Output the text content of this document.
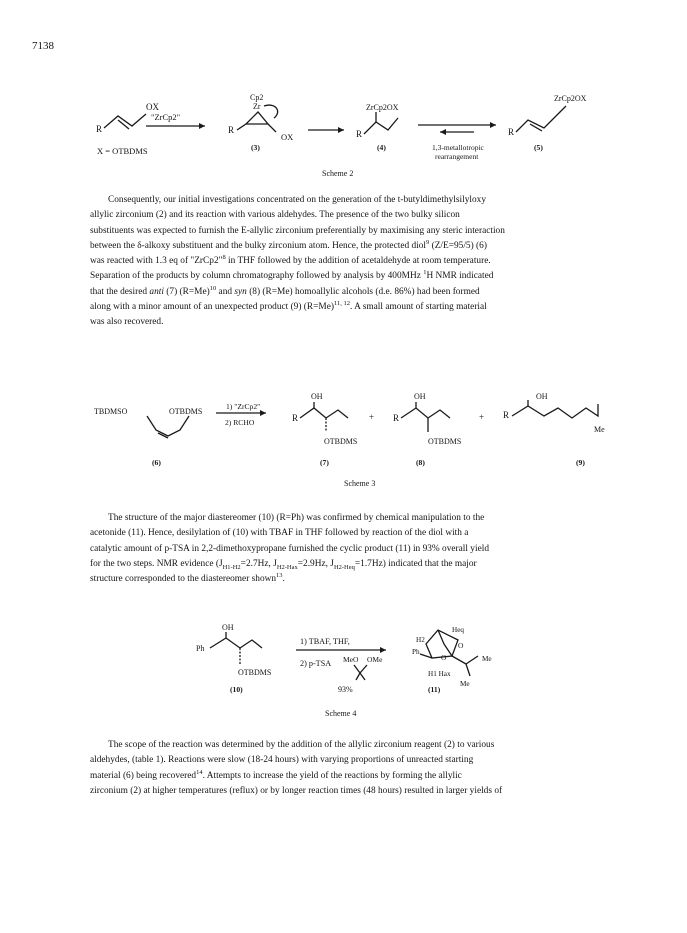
7138
R
OX
"ZrCp2"
X = OTBDMS
Cp2
Zr
R
OX
(3)
R
ZrCp2OX
(4)	1,3-metallotropic
rearrangement
R
ZrCp2OX
(5)
Scheme 2
Consequently, our initial investigations concentrated on the generation of the t-butyldimethylsilyloxy
allylic zirconium (2) and its reaction with various aldehydes. The presence of the two bulky silicon
substituents was expected to furnish the E-allylic zirconium preferentially by maximising any steric interaction
between the δ-alkoxy substituent and the bulky zirconium atom. Hence, the protected diol$^9$ (Z/E=95/5) (6)
was reacted with 1.3 eq of "ZrCp2"$^8$ in THF followed by the addition of acetaldehyde at room temperature.
Separation of the products by column chromatography followed by analysis by 400MHz $^1$H NMR indicated
that the desired anti (7) (R=Me)$^{10}$ and syn (8) (R=Me) homoallylic alcohols (d.e. 86%) had been formed
along with a minor amount of an unexpected product (9) (R=Me)$^{11, 12}$. A small amount of starting material
was also recovered.
TBDMSO	OTBDMS
(6)
1) "ZrCp2"
2) RCHO
OH
R
OTBDMS
+
(7)
OH
R
OTBDMS
+
(8)
OH
R
Me
(9)
Scheme 3
The structure of the major diastereomer (10) (R=Ph) was confirmed by chemical manipulation to the
acetonide (11). Hence, desilylation of (10) with TBAF in THF followed by reaction of the diol with a
catalytic amount of p-TSA in 2,2-dimethoxypropane furnished the cyclic product (11) in 93% overall yield
for the two steps. NMR evidence ($J_{H1-H2}=2.7Hz$, $J_{H2-Hax}=2.9Hz$, $J_{H2-Heq}=1.7Hz$) indicated that the major
structure corresponded to the diastereomer shown$^{13}$.
OH
Ph
OTBDMS
(10)
1) TBAF, THF,
2) p-TSA MeO OMe
93%
H2
Heq
O
O
Ph
Me
H1 Hax
Me
(11)
Scheme 4
The scope of the reaction was determined by the addition of the allylic zirconium reagent (2) to various
aldehydes, (table 1). Reactions were slow (18-24 hours) with varying proportions of unreacted starting
material (6) being recovered$^{14}$. Attempts to increase the yield of the reactions by forming the allylic
zirconium (2) at higher temperatures (reflux) or by longer reaction times (48 hours) resulted in larger yields of
